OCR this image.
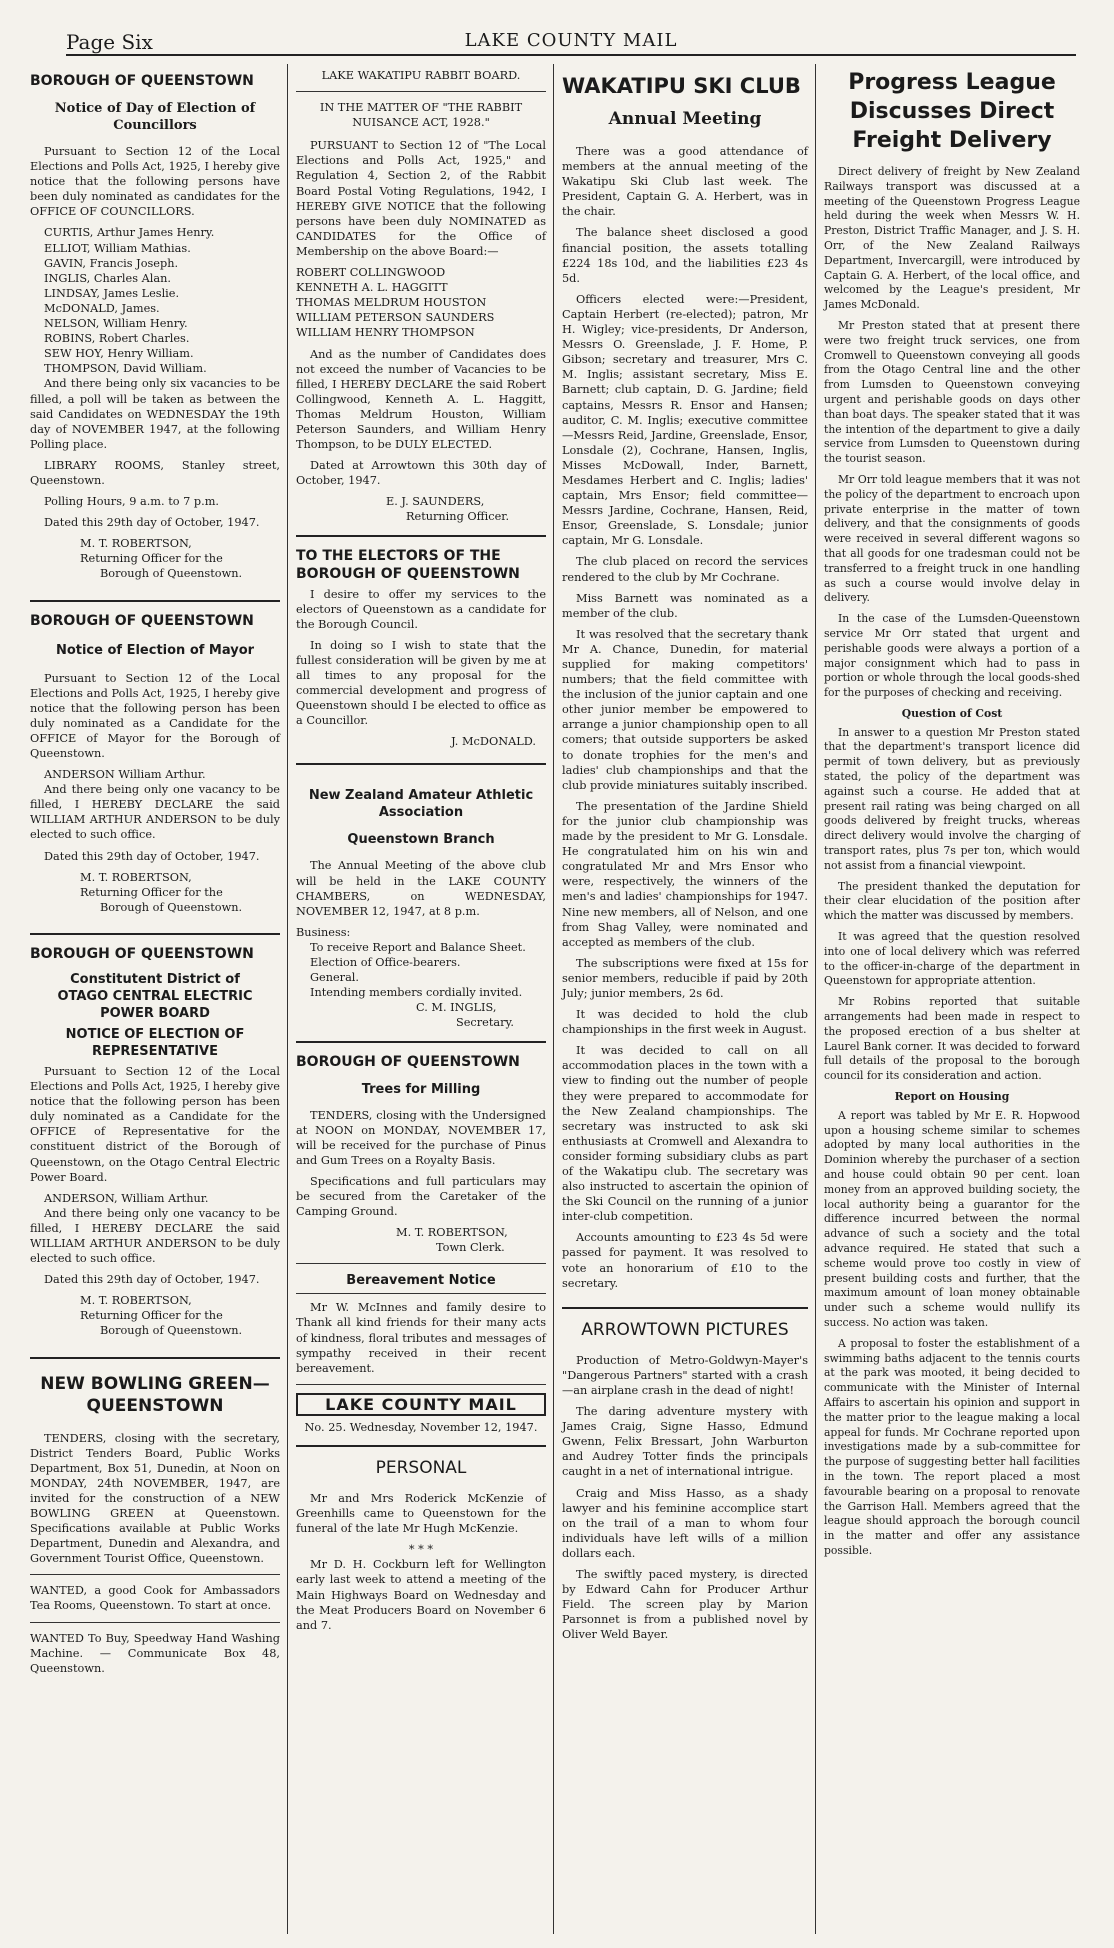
Page Six	LAKE COUNTY MAIL
BOROUGH OF QUEENSTOWN
Notice of Day of Election of Councillors

Pursuant to Section 12 of the Local Elections and Polls Act, 1925, I hereby give notice that the following persons have been duly nominated as candidates for the OFFICE OF COUNCILLORS.

CURTIS, Arthur James Henry.
ELLIOT, William Mathias.
GAVIN, Francis Joseph.
INGLIS, Charles Alan.
LINDSAY, James Leslie.
McDONALD, James.
NELSON, William Henry.
ROBINS, Robert Charles.
SEW HOY, Henry William.
THOMPSON, David William.

And there being only six vacancies to be filled, a poll will be taken as between the said Candidates on WEDNESDAY the 19th day of NOVEMBER 1947, at the following Polling place.

LIBRARY ROOMS, Stanley street, Queenstown.

Polling Hours, 9 a.m. to 7 p.m.

Dated this 29th day of October, 1947.

M. T. ROBERTSON,
Returning Officer for the
Borough of Queenstown.
BOROUGH OF QUEENSTOWN
Notice of Election of Mayor

Pursuant to Section 12 of the Local Elections and Polls Act, 1925, I hereby give notice that the following person has been duly nominated as a Candidate for the OFFICE of Mayor for the Borough of Queenstown.

ANDERSON William Arthur.

And there being only one vacancy to be filled, I HEREBY DECLARE the said WILLIAM ARTHUR ANDERSON to be duly elected to such office.

Dated this 29th day of October, 1947.

M. T. ROBERTSON,
Returning Officer for the
Borough of Queenstown.
BOROUGH OF QUEENSTOWN
Constitutent District of
OTAGO CENTRAL ELECTRIC POWER BOARD
NOTICE OF ELECTION OF REPRESENTATIVE

Pursuant to Section 12 of the Local Elections and Polls Act, 1925, I hereby give notice that the following person has been duly nominated as a Candidate for the OFFICE of Representative for the constituent district of the Borough of Queenstown, on the Otago Central Electric Power Board.

ANDERSON, William Arthur.

And there being only one vacancy to be filled, I HEREBY DECLARE the said WILLIAM ARTHUR ANDERSON to be duly elected to such office.

Dated this 29th day of October, 1947.

M. T. ROBERTSON,
Returning Officer for the
Borough of Queenstown.
NEW BOWLING GREEN—QUEENSTOWN

TENDERS, closing with the secretary, District Tenders Board, Public Works Department, Box 51, Dunedin, at Noon on MONDAY, 24th NOVEMBER, 1947, are invited for the construction of a NEW BOWLING GREEN at Queenstown. Specifications available at Public Works Department, Dunedin and Alexandra, and Government Tourist Office, Queenstown.

WANTED, a good Cook for Ambassadors Tea Rooms, Queenstown. To start at once.

WANTED To Buy, Speedway Hand Washing Machine. — Communicate Box 48, Queenstown.

LAKE WAKATIPU RABBIT BOARD.
IN THE MATTER OF "THE RABBIT NUISANCE ACT, 1928."

PURSUANT to Section 12 of "The Local Elections and Polls Act, 1925," and Regulation 4, Section 2, of the Rabbit Board Postal Voting Regulations, 1942, I HEREBY GIVE NOTICE that the following persons have been duly NOMINATED as CANDIDATES for the Office of Membership on the above Board:—

ROBERT COLLINGWOOD
KENNETH A. L. HAGGITT
THOMAS MELDRUM HOUSTON
WILLIAM PETERSON SAUNDERS
WILLIAM HENRY THOMPSON

And as the number of Candidates does not exceed the number of Vacancies to be filled, I HEREBY DECLARE the said Robert Collingwood, Kenneth A. L. Haggitt, Thomas Meldrum Houston, William Peterson Saunders, and William Henry Thompson, to be DULY ELECTED.

Dated at Arrowtown this 30th day of October, 1947.

E. J. SAUNDERS,
Returning Officer.
TO THE ELECTORS OF THE BOROUGH OF QUEENSTOWN

I desire to offer my services to the electors of Queenstown as a candidate for the Borough Council.

In doing so I wish to state that the fullest consideration will be given by me at all times to any proposal for the commercial development and progress of Queenstown should I be elected to office as a Councillor.

J. McDONALD.
New Zealand Amateur Athletic Association
Queenstown Branch

The Annual Meeting of the above club will be held in the LAKE COUNTY CHAMBERS, on WEDNESDAY, NOVEMBER 12, 1947, at 8 p.m.

Business:
To receive Report and Balance Sheet.
Election of Office-bearers.
General.
Intending members cordially invited.
C. M. INGLIS,
Secretary.
BOROUGH OF QUEENSTOWN
Trees for Milling

TENDERS, closing with the Undersigned at NOON on MONDAY, NOVEMBER 17, will be received for the purchase of Pinus and Gum Trees on a Royalty Basis.

Specifications and full particulars may be secured from the Caretaker of the Camping Ground.

M. T. ROBERTSON,
Town Clerk.
Bereavement Notice

Mr W. McInnes and family desire to Thank all kind friends for their many acts of kindness, floral tributes and messages of sympathy received in their recent bereavement.

LAKE COUNTY MAIL
No. 25. Wednesday, November 12, 1947.
PERSONAL

Mr and Mrs Roderick McKenzie of Greenhills came to Queenstown for the funeral of the late Mr Hugh McKenzie.

* * *

Mr D. H. Cockburn left for Wellington early last week to attend a meeting of the Main Highways Board on Wednesday and the Meat Producers Board on November 6 and 7.

WAKATIPU SKI CLUB
Annual Meeting

There was a good attendance of members at the annual meeting of the Wakatipu Ski Club last week. The President, Captain G. A. Herbert, was in the chair.

The balance sheet disclosed a good financial position, the assets totalling £224 18s 10d, and the liabilities £23 4s 5d.

Officers elected were:—President, Captain Herbert (re-elected); patron, Mr H. Wigley; vice-presidents, Dr Anderson, Messrs O. Greenslade, J. F. Home, P. Gibson; secretary and treasurer, Mrs C. M. Inglis; assistant secretary, Miss E. Barnett; club captain, D. G. Jardine; field captains, Messrs R. Ensor and Hansen; auditor, C. M. Inglis; executive committee—Messrs Reid, Jardine, Greenslade, Ensor, Lonsdale (2), Cochrane, Hansen, Inglis, Misses McDowall, Inder, Barnett, Mesdames Herbert and C. Inglis; ladies' captain, Mrs Ensor; field committee—Messrs Jardine, Cochrane, Hansen, Reid, Ensor, Greenslade, S. Lonsdale; junior captain, Mr G. Lonsdale.

The club placed on record the services rendered to the club by Mr Cochrane.

Miss Barnett was nominated as a member of the club.

It was resolved that the secretary thank Mr A. Chance, Dunedin, for material supplied for making competitors' numbers; that the field committee with the inclusion of the junior captain and one other junior member be empowered to arrange a junior championship open to all comers; that outside supporters be asked to donate trophies for the men's and ladies' club championships and that the club provide miniatures suitably inscribed.

The presentation of the Jardine Shield for the junior club championship was made by the president to Mr G. Lonsdale. He congratulated him on his win and congratulated Mr and Mrs Ensor who were, respectively, the winners of the men's and ladies' championships for 1947. Nine new members, all of Nelson, and one from Shag Valley, were nominated and accepted as members of the club.

The subscriptions were fixed at 15s for senior members, reducible if paid by 20th July; junior members, 2s 6d.

It was decided to hold the club championships in the first week in August.

It was decided to call on all accommodation places in the town with a view to finding out the number of people they were prepared to accommodate for the New Zealand championships. The secretary was instructed to ask ski enthusiasts at Cromwell and Alexandra to consider forming subsidiary clubs as part of the Wakatipu club. The secretary was also instructed to ascertain the opinion of the Ski Council on the running of a junior inter-club competition.

Accounts amounting to £23 4s 5d were passed for payment. It was resolved to vote an honorarium of £10 to the secretary.

ARROWTOWN PICTURES

Production of Metro-Goldwyn-Mayer's "Dangerous Partners" started with a crash—an airplane crash in the dead of night!

The daring adventure mystery with James Craig, Signe Hasso, Edmund Gwenn, Felix Bressart, John Warburton and Audrey Totter finds the principals caught in a net of international intrigue.

Craig and Miss Hasso, as a shady lawyer and his feminine accomplice start on the trail of a man to whom four individuals have left wills of a million dollars each.

The swiftly paced mystery, is directed by Edward Cahn for Producer Arthur Field. The screen play by Marion Parsonnet is from a published novel by Oliver Weld Bayer.

Progress League Discusses Direct Freight Delivery

Direct delivery of freight by New Zealand Railways transport was discussed at a meeting of the Queenstown Progress League held during the week when Messrs W. H. Preston, District Traffic Manager, and J. S. H. Orr, of the New Zealand Railways Department, Invercargill, were introduced by Captain G. A. Herbert, of the local office, and welcomed by the League's president, Mr James McDonald.

Mr Preston stated that at present there were two freight truck services, one from Cromwell to Queenstown conveying all goods from the Otago Central line and the other from Lumsden to Queenstown conveying urgent and perishable goods on days other than boat days. The speaker stated that it was the intention of the department to give a daily service from Lumsden to Queenstown during the tourist season.

Mr Orr told league members that it was not the policy of the department to encroach upon private enterprise in the matter of town delivery, and that the consignments of goods were received in several different wagons so that all goods for one tradesman could not be transferred to a freight truck in one handling as such a course would involve delay in delivery.

In the case of the Lumsden-Queenstown service Mr Orr stated that urgent and perishable goods were always a portion of a major consignment which had to pass in portion or whole through the local goods-shed for the purposes of checking and receiving.

Question of Cost

In answer to a question Mr Preston stated that the department's transport licence did permit of town delivery, but as previously stated, the policy of the department was against such a course. He added that at present rail rating was being charged on all goods delivered by freight trucks, whereas direct delivery would involve the charging of transport rates, plus 7s per ton, which would not assist from a financial viewpoint.

The president thanked the deputation for their clear elucidation of the position after which the matter was discussed by members.

It was agreed that the question resolved into one of local delivery which was referred to the officer-in-charge of the department in Queenstown for appropriate attention.

Mr Robins reported that suitable arrangements had been made in respect to the proposed erection of a bus shelter at Laurel Bank corner. It was decided to forward full details of the proposal to the borough council for its consideration and action.

Report on Housing

A report was tabled by Mr E. R. Hopwood upon a housing scheme similar to schemes adopted by many local authorities in the Dominion whereby the purchaser of a section and house could obtain 90 per cent. loan money from an approved building society, the local authority being a guarantor for the difference incurred between the normal advance of such a society and the total advance required. He stated that such a scheme would prove too costly in view of present building costs and further, that the maximum amount of loan money obtainable under such a scheme would nullify its success. No action was taken.

A proposal to foster the establishment of a swimming baths adjacent to the tennis courts at the park was mooted, it being decided to communicate with the Minister of Internal Affairs to ascertain his opinion and support in the matter prior to the league making a local appeal for funds. Mr Cochrane reported upon investigations made by a sub-committee for the purpose of suggesting better hall facilities in the town. The report placed a most favourable bearing on a proposal to renovate the Garrison Hall. Members agreed that the league should approach the borough council in the matter and offer any assistance possible.
